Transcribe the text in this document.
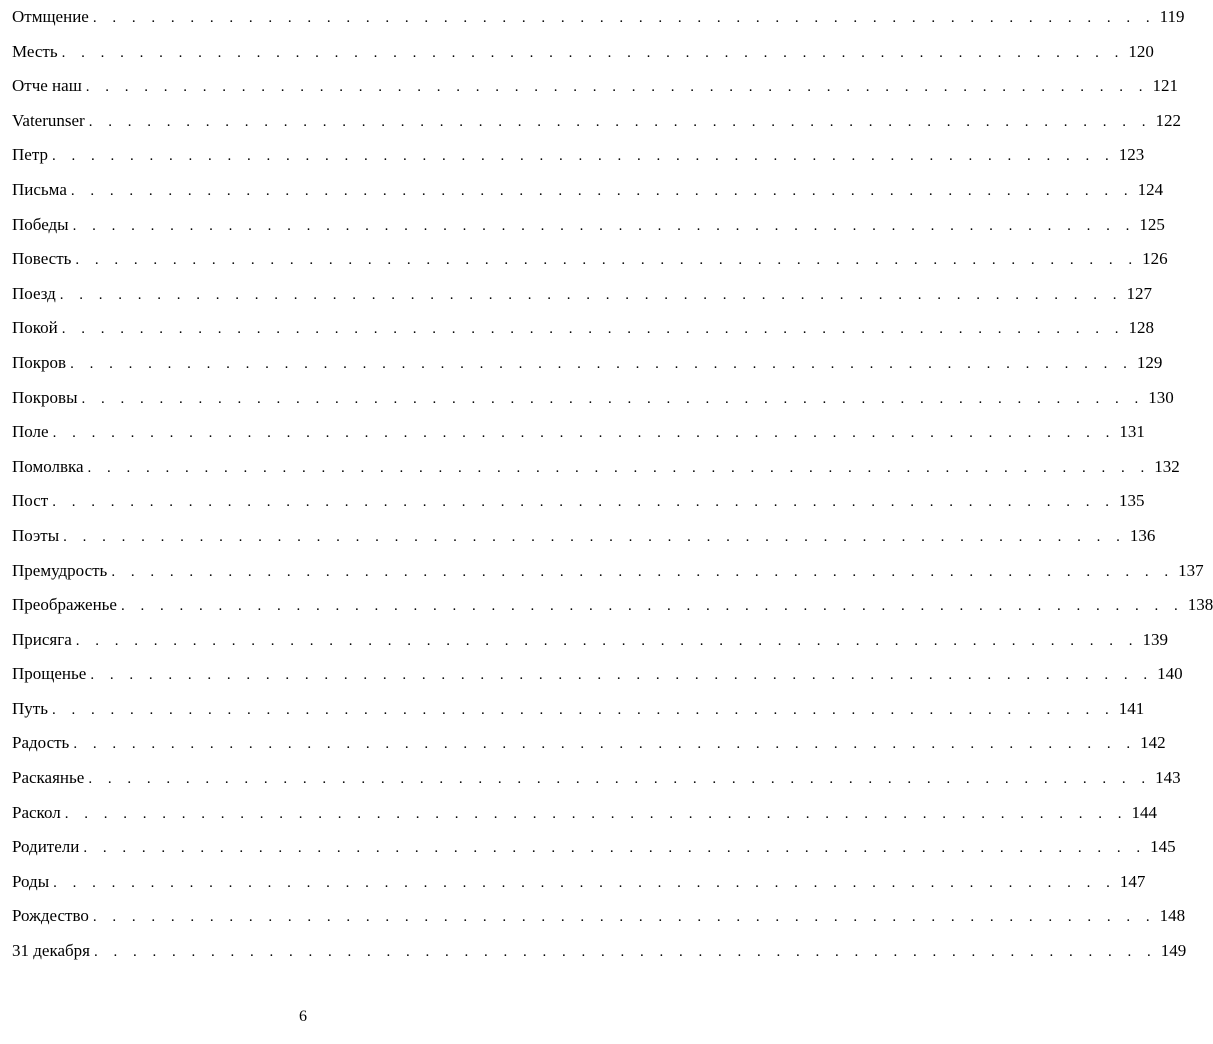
Отмщение . . . . . . . . . . . . . . . . . . . . . . . . . . . . . . . . . . . . . . . . . . . . . . . . . . . . . . . 119
Месть . . . . . . . . . . . . . . . . . . . . . . . . . . . . . . . . . . . . . . . . . . . . . . . . . . . . . . . 120
Отче наш . . . . . . . . . . . . . . . . . . . . . . . . . . . . . . . . . . . . . . . . . . . . . . . . . . . . . . . 121
Vaterunser . . . . . . . . . . . . . . . . . . . . . . . . . . . . . . . . . . . . . . . . . . . . . . . . . . . . . . . 122
Петр . . . . . . . . . . . . . . . . . . . . . . . . . . . . . . . . . . . . . . . . . . . . . . . . . . . . . . . 123
Письма . . . . . . . . . . . . . . . . . . . . . . . . . . . . . . . . . . . . . . . . . . . . . . . . . . . . . . . 124
Победы . . . . . . . . . . . . . . . . . . . . . . . . . . . . . . . . . . . . . . . . . . . . . . . . . . . . . . . 125
Повесть . . . . . . . . . . . . . . . . . . . . . . . . . . . . . . . . . . . . . . . . . . . . . . . . . . . . . . . 126
Поезд . . . . . . . . . . . . . . . . . . . . . . . . . . . . . . . . . . . . . . . . . . . . . . . . . . . . . . . 127
Покой . . . . . . . . . . . . . . . . . . . . . . . . . . . . . . . . . . . . . . . . . . . . . . . . . . . . . . . 128
Покров . . . . . . . . . . . . . . . . . . . . . . . . . . . . . . . . . . . . . . . . . . . . . . . . . . . . . . . 129
Покровы . . . . . . . . . . . . . . . . . . . . . . . . . . . . . . . . . . . . . . . . . . . . . . . . . . . . . . . 130
Поле . . . . . . . . . . . . . . . . . . . . . . . . . . . . . . . . . . . . . . . . . . . . . . . . . . . . . . . 131
Помолвка . . . . . . . . . . . . . . . . . . . . . . . . . . . . . . . . . . . . . . . . . . . . . . . . . . . . . . . 132
Пост . . . . . . . . . . . . . . . . . . . . . . . . . . . . . . . . . . . . . . . . . . . . . . . . . . . . . . . 135
Поэты . . . . . . . . . . . . . . . . . . . . . . . . . . . . . . . . . . . . . . . . . . . . . . . . . . . . . . . 136
Премудрость . . . . . . . . . . . . . . . . . . . . . . . . . . . . . . . . . . . . . . . . . . . . . . . . . . . . . . . 137
Преображенье . . . . . . . . . . . . . . . . . . . . . . . . . . . . . . . . . . . . . . . . . . . . . . . . . . . . . . . 138
Присяга . . . . . . . . . . . . . . . . . . . . . . . . . . . . . . . . . . . . . . . . . . . . . . . . . . . . . . . 139
Прощенье . . . . . . . . . . . . . . . . . . . . . . . . . . . . . . . . . . . . . . . . . . . . . . . . . . . . . . . 140
Путь . . . . . . . . . . . . . . . . . . . . . . . . . . . . . . . . . . . . . . . . . . . . . . . . . . . . . . . 141
Радость . . . . . . . . . . . . . . . . . . . . . . . . . . . . . . . . . . . . . . . . . . . . . . . . . . . . . . . 142
Раскаянье . . . . . . . . . . . . . . . . . . . . . . . . . . . . . . . . . . . . . . . . . . . . . . . . . . . . . . . 143
Раскол . . . . . . . . . . . . . . . . . . . . . . . . . . . . . . . . . . . . . . . . . . . . . . . . . . . . . . . 144
Родители . . . . . . . . . . . . . . . . . . . . . . . . . . . . . . . . . . . . . . . . . . . . . . . . . . . . . . . 145
Роды . . . . . . . . . . . . . . . . . . . . . . . . . . . . . . . . . . . . . . . . . . . . . . . . . . . . . . . 147
Рождество . . . . . . . . . . . . . . . . . . . . . . . . . . . . . . . . . . . . . . . . . . . . . . . . . . . . . . . 148
31 декабря . . . . . . . . . . . . . . . . . . . . . . . . . . . . . . . . . . . . . . . . . . . . . . . . . . . . . . . 149
6
